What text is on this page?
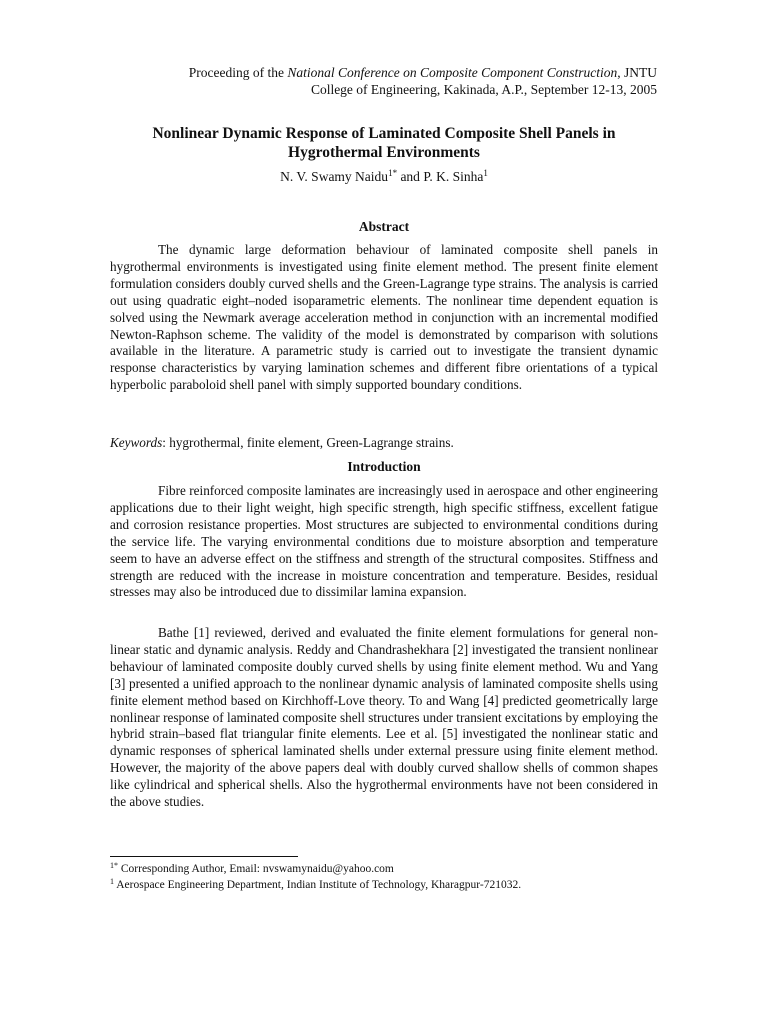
Proceeding of the National Conference on Composite Component Construction, JNTU
College of Engineering, Kakinada, A.P., September 12-13, 2005
Nonlinear Dynamic Response of Laminated Composite Shell Panels in
Hygrothermal Environments
N. V. Swamy Naidu$^{1*}$ and P. K. Sinha$^1$
Abstract

The dynamic large deformation behaviour of laminated composite shell panels in hygrothermal environments is investigated using finite element method. The present finite element formulation considers doubly curved shells and the Green-Lagrange type strains. The analysis is carried out using quadratic eight–noded isoparametric elements. The nonlinear time dependent equation is solved using the Newmark average acceleration method in conjunction with an incremental modified Newton-Raphson scheme. The validity of the model is demonstrated by comparison with solutions available in the literature. A parametric study is carried out to investigate the transient dynamic response characteristics by varying lamination schemes and different fibre orientations of a typical hyperbolic paraboloid shell panel with simply supported boundary conditions.

Keywords: hygrothermal, finite element, Green-Lagrange strains.
Introduction

Fibre reinforced composite laminates are increasingly used in aerospace and other engineering applications due to their light weight, high specific strength, high specific stiffness, excellent fatigue and corrosion resistance properties. Most structures are subjected to environmental conditions during the service life. The varying environmental conditions due to moisture absorption and temperature seem to have an adverse effect on the stiffness and strength of the structural composites. Stiffness and strength are reduced with the increase in moisture concentration and temperature. Besides, residual stresses may also be introduced due to dissimilar lamina expansion.

Bathe [1] reviewed, derived and evaluated the finite element formulations for general non-linear static and dynamic analysis. Reddy and Chandrashekhara [2] investigated the transient nonlinear behaviour of laminated composite doubly curved shells by using finite element method. Wu and Yang [3] presented a unified approach to the nonlinear dynamic analysis of laminated composite shells using finite element method based on Kirchhoff-Love theory. To and Wang [4] predicted geometrically large nonlinear response of laminated composite shell structures under transient excitations by employing the hybrid strain–based flat triangular finite elements. Lee et al. [5] investigated the nonlinear static and dynamic responses of spherical laminated shells under external pressure using finite element method. However, the majority of the above papers deal with doubly curved shallow shells of common shapes like cylindrical and spherical shells. Also the hygrothermal environments have not been considered in the above studies.

$^{1*}$ Corresponding Author, Email: nvswamynaidu@yahoo.com
$^1$ Aerospace Engineering Department, Indian Institute of Technology, Kharagpur-721032.
